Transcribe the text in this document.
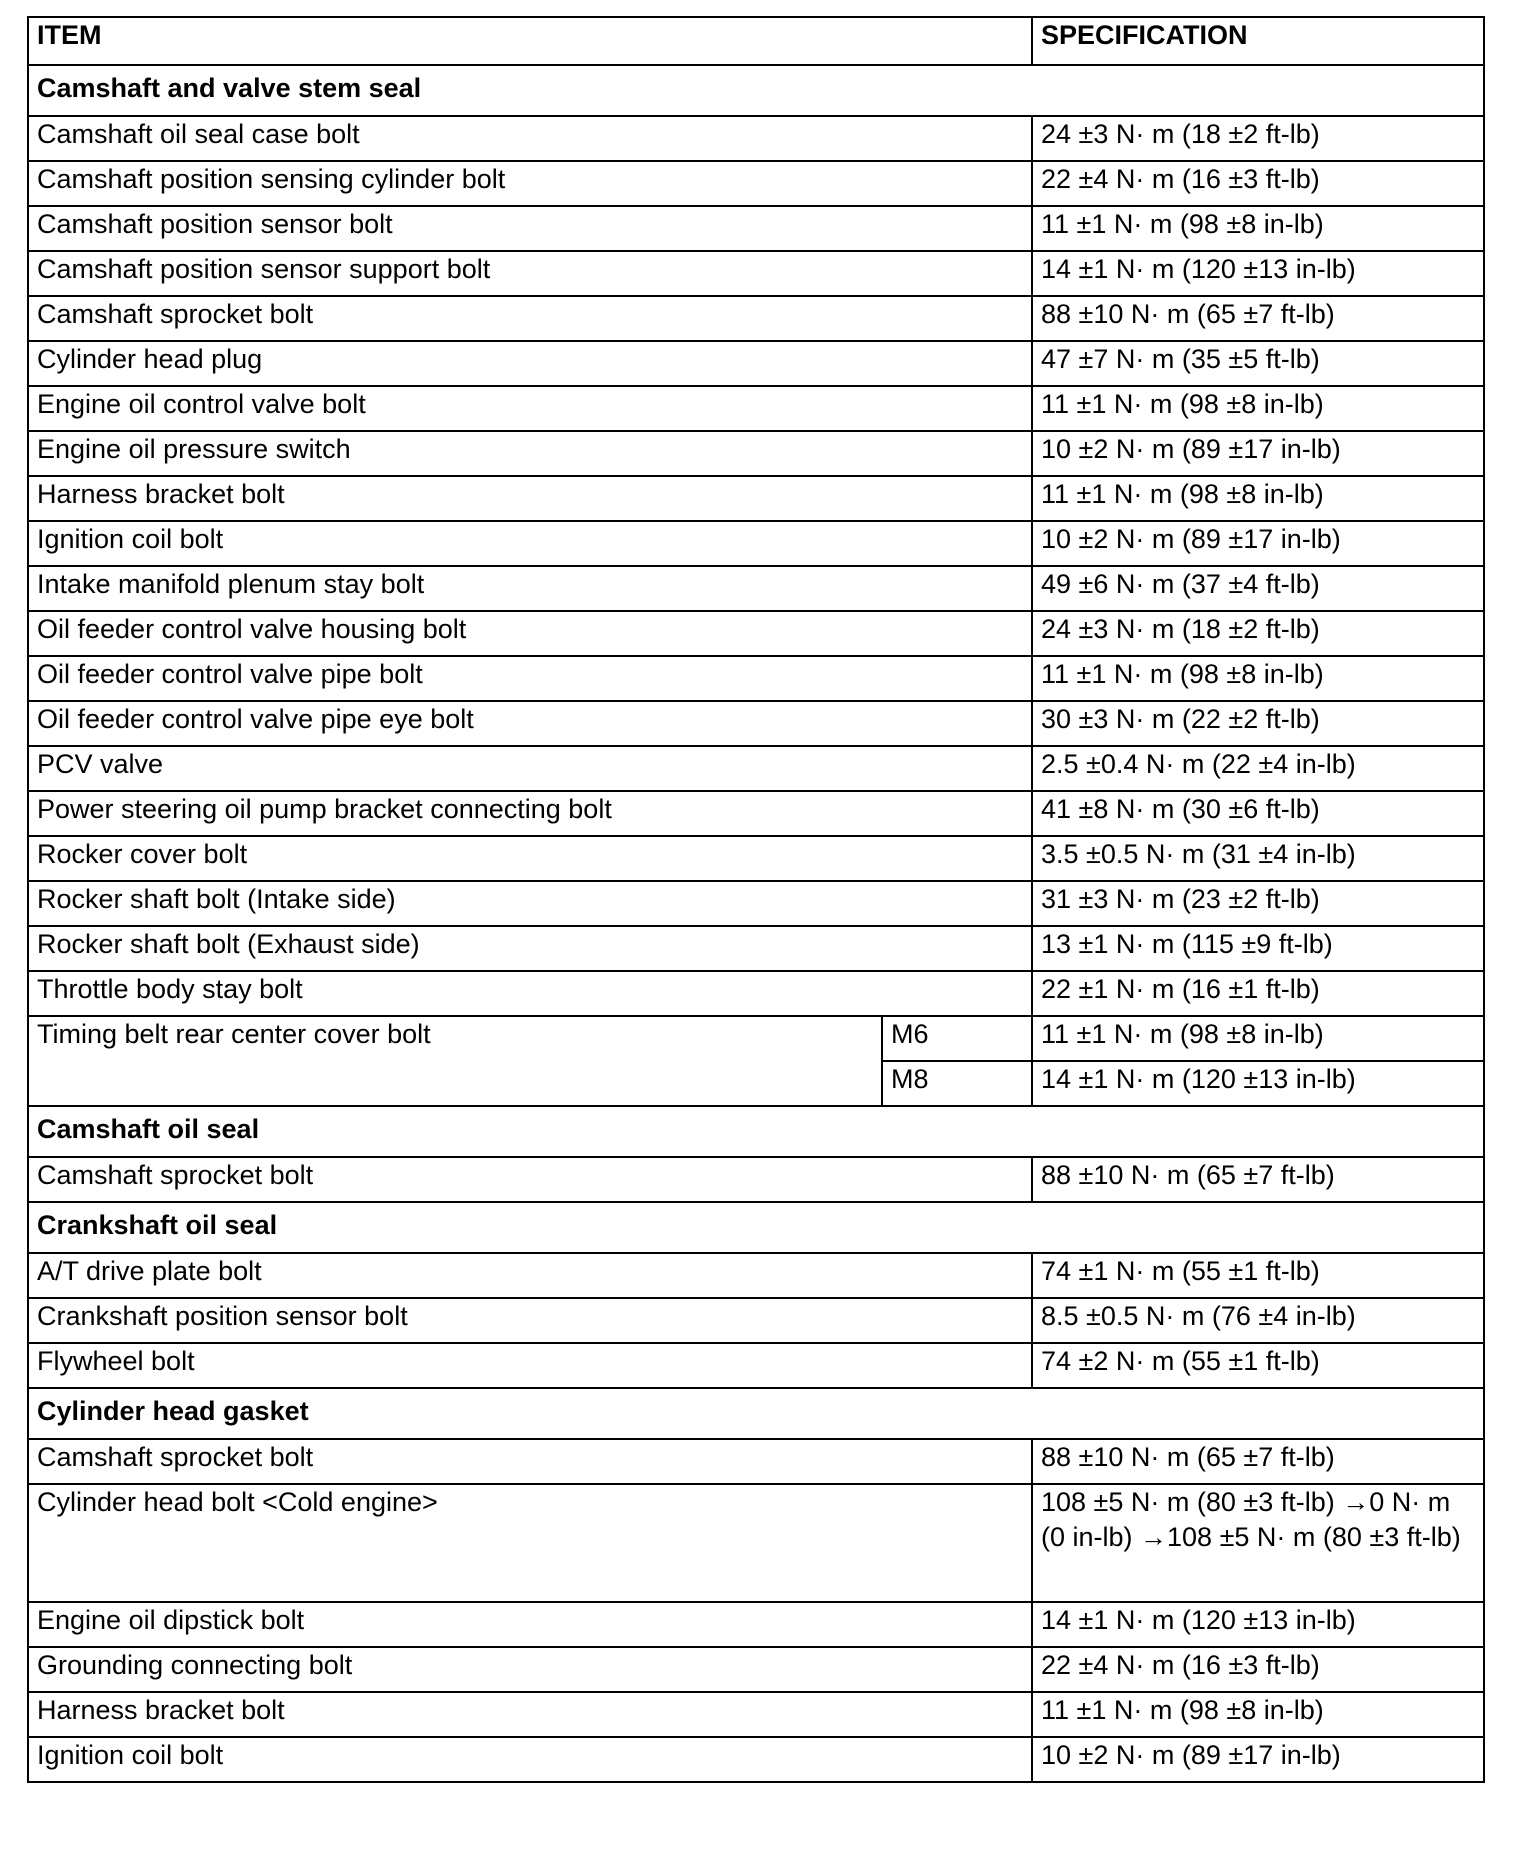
ITEM		SPECIFICATION
Camshaft and valve stem seal		
Camshaft oil seal case bolt		24 ±3 N· m (18 ±2 ft-lb)
Camshaft position sensing cylinder bolt		22 ±4 N· m (16 ±3 ft-lb)
Camshaft position sensor bolt		11 ±1 N· m (98 ±8 in-lb)
Camshaft position sensor support bolt		14 ±1 N· m (120 ±13 in-lb)
Camshaft sprocket bolt		88 ±10 N· m (65 ±7 ft-lb)
Cylinder head plug		47 ±7 N· m (35 ±5 ft-lb)
Engine oil control valve bolt		11 ±1 N· m (98 ±8 in-lb)
Engine oil pressure switch		10 ±2 N· m (89 ±17 in-lb)
Harness bracket bolt		11 ±1 N· m (98 ±8 in-lb)
Ignition coil bolt		10 ±2 N· m (89 ±17 in-lb)
Intake manifold plenum stay bolt		49 ±6 N· m (37 ±4 ft-lb)
Oil feeder control valve housing bolt		24 ±3 N· m (18 ±2 ft-lb)
Oil feeder control valve pipe bolt		11 ±1 N· m (98 ±8 in-lb)
Oil feeder control valve pipe eye bolt		30 ±3 N· m (22 ±2 ft-lb)
PCV valve		2.5 ±0.4 N· m (22 ±4 in-lb)
Power steering oil pump bracket connecting bolt		41 ±8 N· m (30 ±6 ft-lb)
Rocker cover bolt		3.5 ±0.5 N· m (31 ±4 in-lb)
Rocker shaft bolt (Intake side)		31 ±3 N· m (23 ±2 ft-lb)
Rocker shaft bolt (Exhaust side)		13 ±1 N· m (115 ±9 ft-lb)
Throttle body stay bolt		22 ±1 N· m (16 ±1 ft-lb)
Timing belt rear center cover bolt	M6	11 ±1 N· m (98 ±8 in-lb)
	M8	14 ±1 N· m (120 ±13 in-lb)
Camshaft oil seal		
Camshaft sprocket bolt		88 ±10 N· m (65 ±7 ft-lb)
Crankshaft oil seal		
A/T drive plate bolt		74 ±1 N· m (55 ±1 ft-lb)
Crankshaft position sensor bolt		8.5 ±0.5 N· m (76 ±4 in-lb)
Flywheel bolt		74 ±2 N· m (55 ±1 ft-lb)
Cylinder head gasket		
Camshaft sprocket bolt		88 ±10 N· m (65 ±7 ft-lb)
Cylinder head bolt <Cold engine>		108 ±5 N· m (80 ±3 ft-lb) →0 N· m (0 in-lb) →108 ±5 N· m (80 ±3 ft-lb)
Engine oil dipstick bolt		14 ±1 N· m (120 ±13 in-lb)
Grounding connecting bolt		22 ±4 N· m (16 ±3 ft-lb)
Harness bracket bolt		11 ±1 N· m (98 ±8 in-lb)
Ignition coil bolt		10 ±2 N· m (89 ±17 in-lb)
